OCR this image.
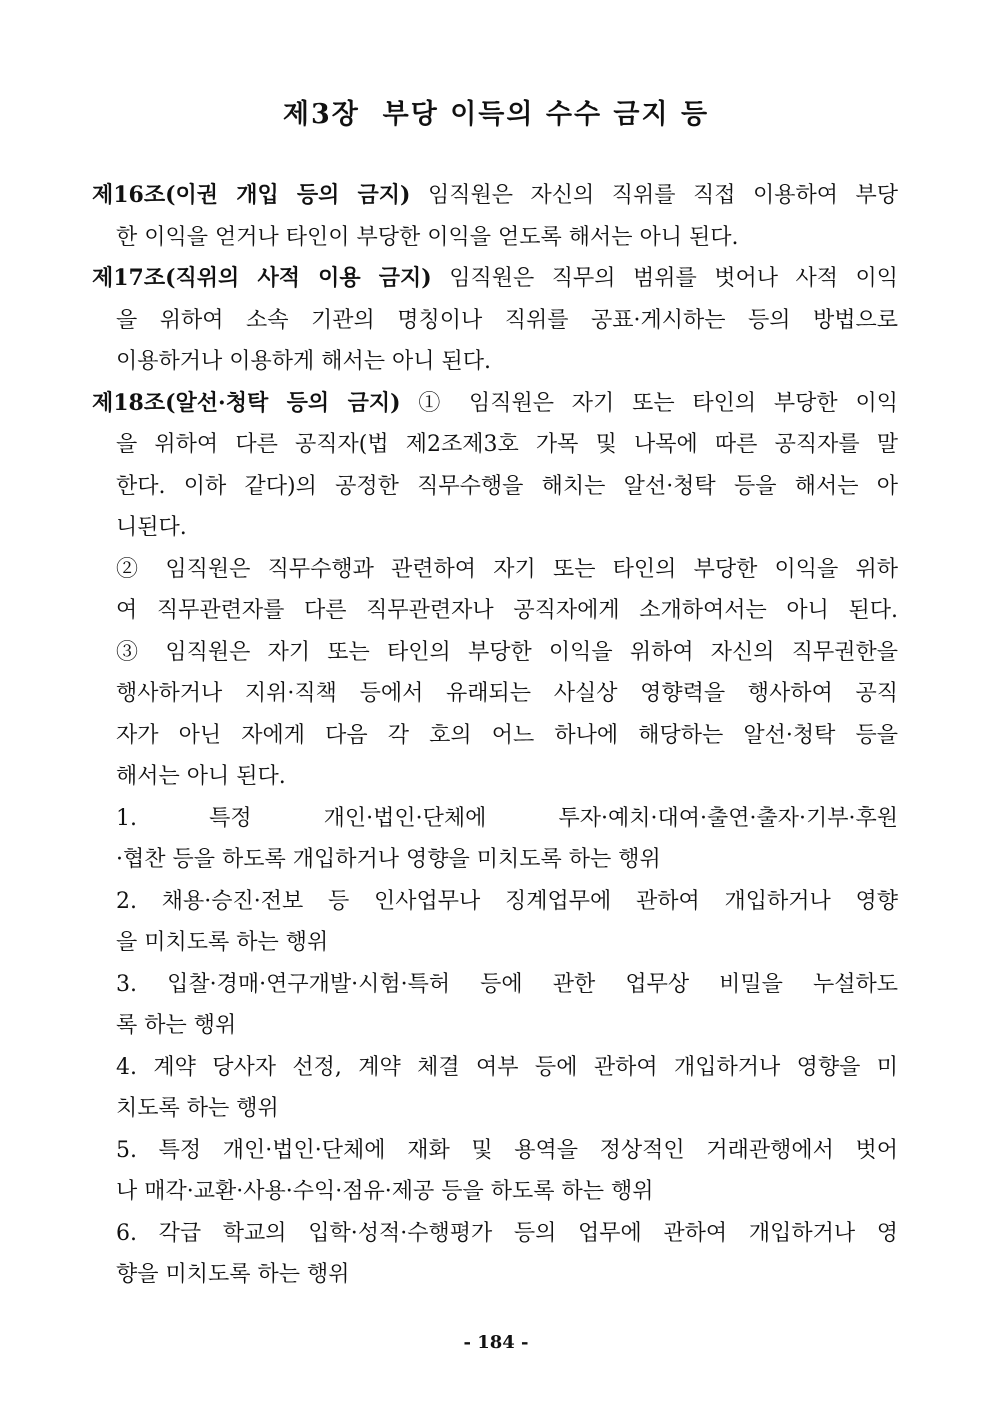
제3장  부당 이득의 수수 금지 등
제16조(이권 개입 등의 금지) 임직원은 자신의 직위를 직접 이용하여 부당
한 이익을 얻거나 타인이 부당한 이익을 얻도록 해서는 아니 된다.
제17조(직위의 사적 이용 금지) 임직원은 직무의 범위를 벗어나 사적 이익
을 위하여 소속 기관의 명칭이나 직위를 공표·게시하는 등의 방법으로
이용하거나 이용하게 해서는 아니 된다.
제18조(알선·청탁 등의 금지) ① 임직원은 자기 또는 타인의 부당한 이익
을 위하여 다른 공직자(법 제2조제3호 가목 및 나목에 따른 공직자를 말
한다. 이하 같다)의 공정한 직무수행을 해치는 알선·청탁 등을 해서는 아
니된다.
② 임직원은 직무수행과 관련하여 자기 또는 타인의 부당한 이익을 위하
여 직무관련자를 다른 직무관련자나 공직자에게 소개하여서는 아니 된다.
③ 임직원은 자기 또는 타인의 부당한 이익을 위하여 자신의 직무권한을
행사하거나 지위·직책 등에서 유래되는 사실상 영향력을 행사하여 공직
자가 아닌 자에게 다음 각 호의 어느 하나에 해당하는 알선·청탁 등을
해서는 아니 된다.
1. 특정 개인·법인·단체에 투자·예치·대여·출연·출자·기부·후원
·협찬 등을 하도록 개입하거나 영향을 미치도록 하는 행위
2. 채용·승진·전보 등 인사업무나 징계업무에 관하여 개입하거나 영향
을 미치도록 하는 행위
3. 입찰·경매·연구개발·시험·특허 등에 관한 업무상 비밀을 누설하도
록 하는 행위
4. 계약 당사자 선정, 계약 체결 여부 등에 관하여 개입하거나 영향을 미
치도록 하는 행위
5. 특정 개인·법인·단체에 재화 및 용역을 정상적인 거래관행에서 벗어
나 매각·교환·사용·수익·점유·제공 등을 하도록 하는 행위
6. 각급 학교의 입학·성적·수행평가 등의 업무에 관하여 개입하거나 영
향을 미치도록 하는 행위
- 184 -
